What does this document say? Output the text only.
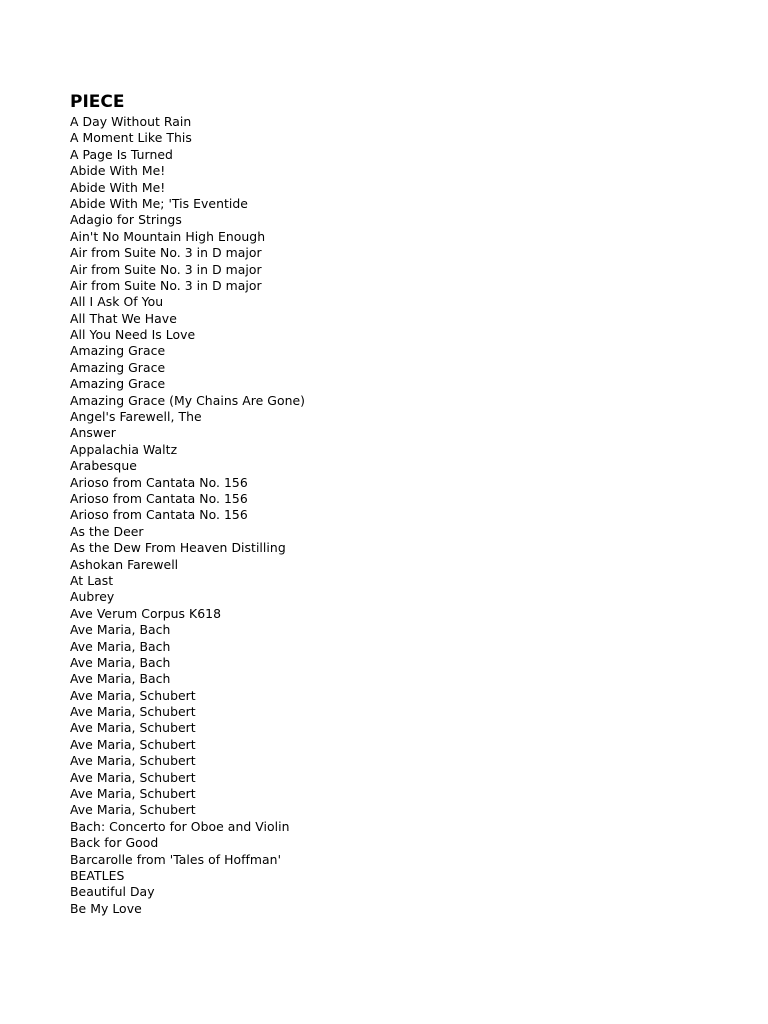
PIECE
A Day Without Rain
A Moment Like This
A Page Is Turned
Abide With Me!
Abide With Me!
Abide With Me; 'Tis Eventide
Adagio for Strings
Ain't No Mountain High Enough
Air from Suite No. 3 in D major
Air from Suite No. 3 in D major
Air from Suite No. 3 in D major
All I Ask Of You
All That We Have
All You Need Is Love
Amazing Grace
Amazing Grace
Amazing Grace
Amazing Grace (My Chains Are Gone)
Angel's Farewell, The
Answer
Appalachia Waltz
Arabesque
Arioso from Cantata No. 156
Arioso from Cantata No. 156
Arioso from Cantata No. 156
As the Deer
As the Dew From Heaven Distilling
Ashokan Farewell
At Last
Aubrey
Ave Verum Corpus K618
Ave Maria, Bach
Ave Maria, Bach
Ave Maria, Bach
Ave Maria, Bach
Ave Maria, Schubert
Ave Maria, Schubert
Ave Maria, Schubert
Ave Maria, Schubert
Ave Maria, Schubert
Ave Maria, Schubert
Ave Maria, Schubert
Ave Maria, Schubert
Bach: Concerto for Oboe and Violin
Back for Good
Barcarolle from 'Tales of Hoffman'
BEATLES
Beautiful Day
Be My Love
